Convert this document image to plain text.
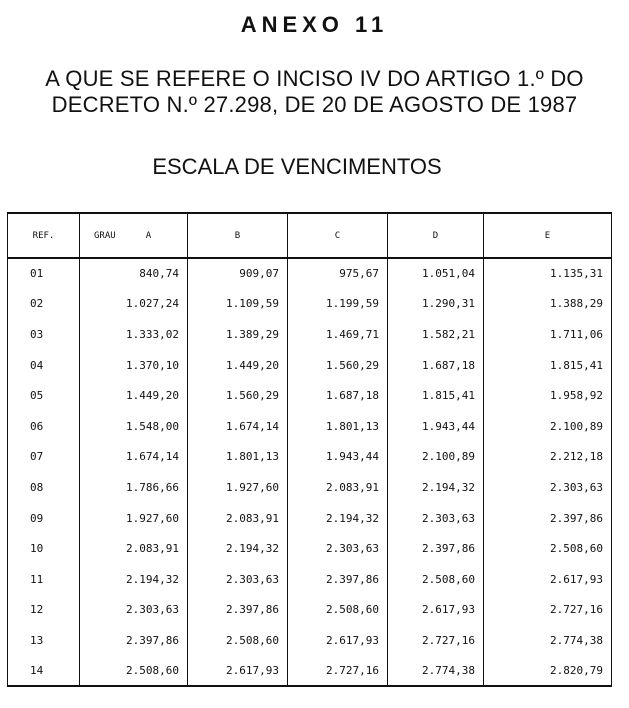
ANEXO 11
A QUE SE REFERE O INCISO IV DO ARTIGO 1.º DO
DECRETO N.º 27.298, DE 20 DE AGOSTO DE 1987
ESCALA DE VENCIMENTOS
REF.	GRAU A	B	C	D	E
01	840,74	909,07	975,67	1.051,04	1.135,31
02	1.027,24	1.109,59	1.199,59	1.290,31	1.388,29
03	1.333,02	1.389,29	1.469,71	1.582,21	1.711,06
04	1.370,10	1.449,20	1.560,29	1.687,18	1.815,41
05	1.449,20	1.560,29	1.687,18	1.815,41	1.958,92
06	1.548,00	1.674,14	1.801,13	1.943,44	2.100,89
07	1.674,14	1.801,13	1.943,44	2.100,89	2.212,18
08	1.786,66	1.927,60	2.083,91	2.194,32	2.303,63
09	1.927,60	2.083,91	2.194,32	2.303,63	2.397,86
10	2.083,91	2.194,32	2.303,63	2.397,86	2.508,60
11	2.194,32	2.303,63	2.397,86	2.508,60	2.617,93
12	2.303,63	2.397,86	2.508,60	2.617,93	2.727,16
13	2.397,86	2.508,60	2.617,93	2.727,16	2.774,38
14	2.508,60	2.617,93	2.727,16	2.774,38	2.820,79
